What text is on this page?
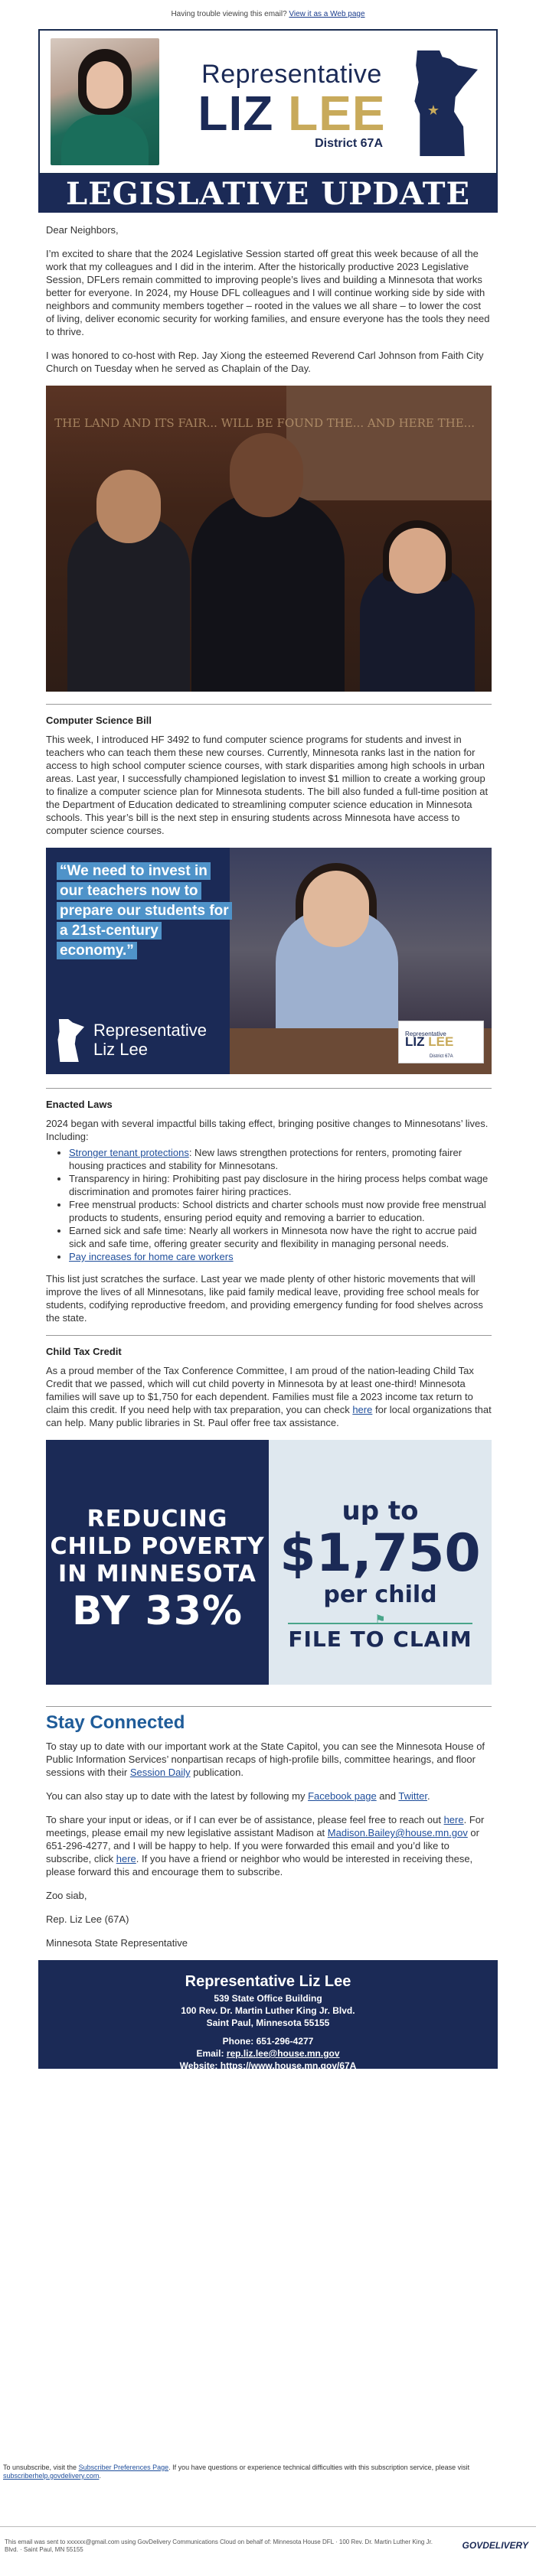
Having trouble viewing this email? View it as a Web page
Representative
LIZ LEE
District 67A
★
LEGISLATIVE UPDATE

Dear Neighbors,

I’m excited to share that the 2024 Legislative Session started off great this week because of all the work that my colleagues and I did in the interim. After the historically productive 2023 Legislative Session, DFLers remain committed to improving people’s lives and building a Minnesota that works better for everyone. In 2024, my House DFL colleagues and I will continue working side by side with neighbors and community members together – rooted in the values we all share – to lower the cost of living, deliver economic security for working families, and ensure everyone has the tools they need to thrive.

I was honored to co-host with Rep. Jay Xiong the esteemed Reverend Carl Johnson from Faith City Church on Tuesday when he served as Chaplain of the Day.

THE LAND AND ITS FAIR... WILL BE FOUND THE... AND HERE THE...
Computer Science Bill

This week, I introduced HF 3492 to fund computer science programs for students and invest in teachers who can teach them these new courses. Currently, Minnesota ranks last in the nation for access to high school computer science courses, with stark disparities among high schools in urban areas. Last year, I successfully championed legislation to invest $1 million to create a working group to finalize a computer science plan for Minnesota students. The bill also funded a full-time position at the Department of Education dedicated to streamlining computer science education in Minnesota schools. This year’s bill is the next step in ensuring students across Minnesota have access to computer science courses.

“We need to invest in our teachers now to prepare our students for a 21st-century economy.”
Representative
Liz Lee
Representative
LIZ LEE
District 67A
Enacted Laws

2024 began with several impactful bills taking effect, bringing positive changes to Minnesotans’ lives. Including:

• Stronger tenant protections: New laws strengthen protections for renters, promoting fairer housing practices and stability for Minnesotans.
• Transparency in hiring: Prohibiting past pay disclosure in the hiring process helps combat wage discrimination and promotes fairer hiring practices.
• Free menstrual products: School districts and charter schools must now provide free menstrual products to students, ensuring period equity and removing a barrier to education.
• Earned sick and safe time: Nearly all workers in Minnesota now have the right to accrue paid sick and safe time, offering greater security and flexibility in managing personal needs.
• Pay increases for home care workers

This list just scratches the surface. Last year we made plenty of other historic movements that will improve the lives of all Minnesotans, like paid family medical leave, providing free school meals for students, codifying reproductive freedom, and providing emergency funding for food shelves across the state.

Child Tax Credit

As a proud member of the Tax Conference Committee, I am proud of the nation-leading Child Tax Credit that we passed, which will cut child poverty in Minnesota by at least one-third! Minnesota families will save up to $1,750 for each dependent. Families must file a 2023 income tax return to claim this credit. If you need help with tax preparation, you can check here for local organizations that can help. Many public libraries in St. Paul offer free tax assistance.

REDUCING
CHILD POVERTY
IN MINNESOTA
BY 33%
up to
$1,750
per child
⚑
FILE TO CLAIM
Stay Connected

To stay up to date with our important work at the State Capitol, you can see the Minnesota House of Public Information Services’ nonpartisan recaps of high-profile bills, committee hearings, and floor sessions with their Session Daily publication.

You can also stay up to date with the latest by following my Facebook page and Twitter.

To share your input or ideas, or if I can ever be of assistance, please feel free to reach out here. For meetings, please email my new legislative assistant Madison at Madison.Bailey@house.mn.gov or 651-296-4277, and I will be happy to help. If you were forwarded this email and you’d like to subscribe, click here. If you have a friend or neighbor who would be interested in receiving these, please forward this and encourage them to subscribe.

Zoo siab,

Rep. Liz Lee (67A)

Minnesota State Representative

Representative Liz Lee
539 State Office Building
100 Rev. Dr. Martin Luther King Jr. Blvd.
Saint Paul, Minnesota 55155
Phone: 651-296-4277
Email: rep.liz.lee@house.mn.gov
Website: https://www.house.mn.gov/67A
Legislative Assistant: Robin Mercer-Taylor, 651-296-3869
To unsubscribe, visit the Subscriber Preferences Page. If you have questions or experience technical difficulties with this subscription service, please visit subscriberhelp.govdelivery.com.
This email was sent to xxxxxx@gmail.com using GovDelivery Communications Cloud on behalf of: Minnesota House DFL · 100 Rev. Dr. Martin Luther King Jr. Blvd. · Saint Paul, MN 55155	GOVDELIVERY
